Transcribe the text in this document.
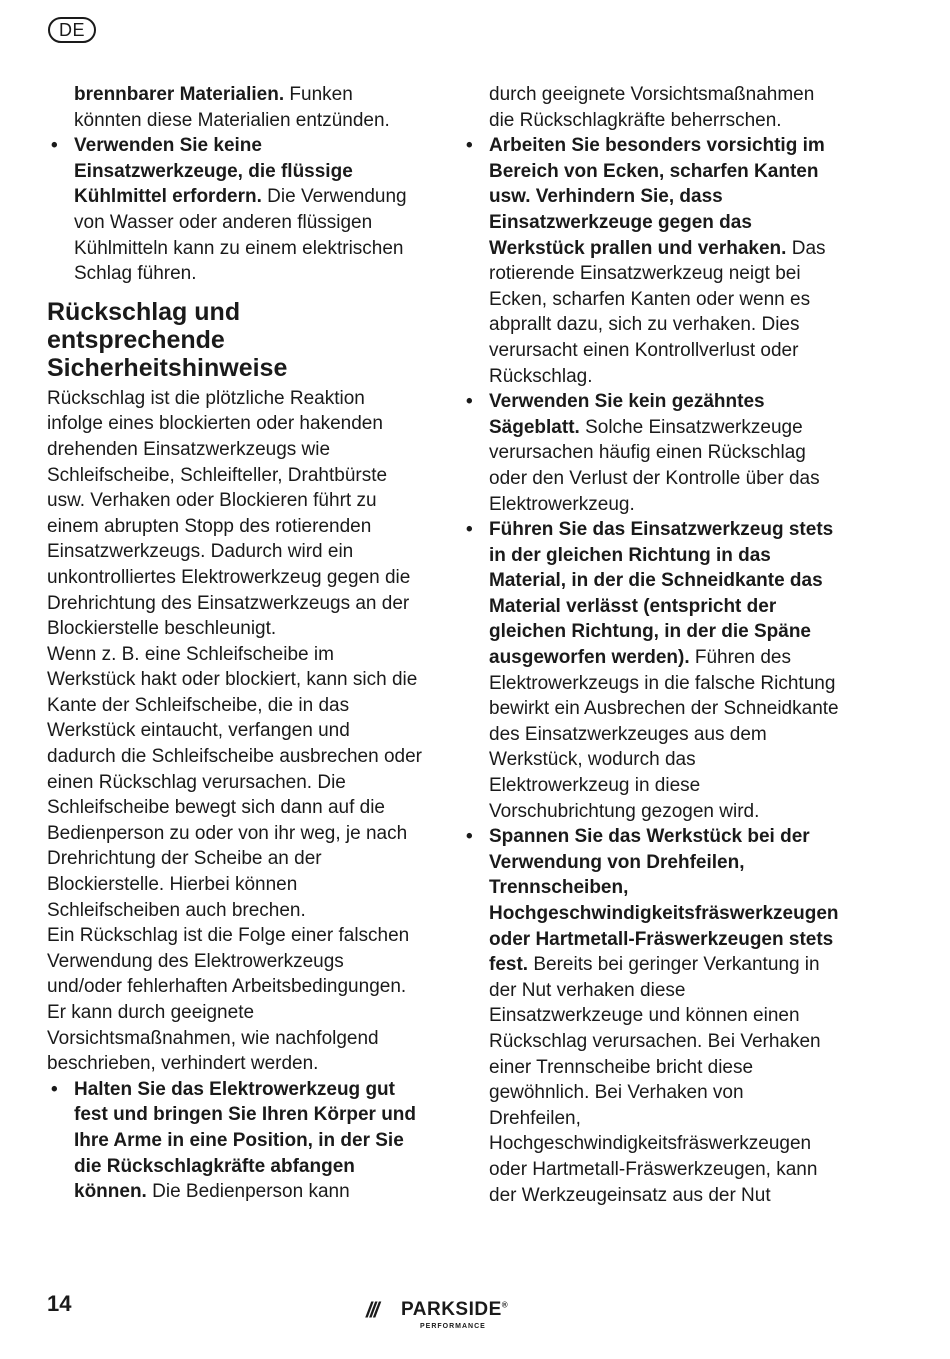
DE

brennbarer Materialien. Funken könnten diese Materialien entzünden.

• Verwenden Sie keine Einsatzwerkzeuge, die flüssige Kühlmittel erfordern. Die Verwendung von Wasser oder anderen flüssigen Kühlmitteln kann zu einem elektrischen Schlag führen.

Rückschlag und entsprechende Sicherheitshinweise

Rückschlag ist die plötzliche Reaktion infolge eines blockierten oder hakenden drehenden Einsatzwerkzeugs wie Schleifscheibe, Schleifteller, Drahtbürste usw. Verhaken oder Blockieren führt zu einem abrupten Stopp des rotierenden Einsatzwerkzeugs. Dadurch wird ein unkontrolliertes Elektrowerkzeug gegen die Drehrichtung des Einsatzwerkzeugs an der Blockierstelle beschleunigt.

Wenn z. B. eine Schleifscheibe im Werkstück hakt oder blockiert, kann sich die Kante der Schleifscheibe, die in das Werkstück eintaucht, verfangen und dadurch die Schleifscheibe ausbrechen oder einen Rückschlag verursachen. Die Schleifscheibe bewegt sich dann auf die Bedienperson zu oder von ihr weg, je nach Drehrichtung der Scheibe an der Blockierstelle. Hierbei können Schleifscheiben auch brechen.

Ein Rückschlag ist die Folge einer falschen Verwendung des Elektrowerkzeugs und/oder fehlerhaften Arbeitsbedingungen. Er kann durch geeignete Vorsichtsmaßnahmen, wie nachfolgend beschrieben, verhindert werden.

• Halten Sie das Elektrowerkzeug gut fest und bringen Sie Ihren Körper und Ihre Arme in eine Position, in der Sie die Rückschlagkräfte abfangen können. Die Bedienperson kann

durch geeignete Vorsichtsmaßnahmen die Rückschlagkräfte beherrschen.

• Arbeiten Sie besonders vorsichtig im Bereich von Ecken, scharfen Kanten usw. Verhindern Sie, dass Einsatzwerkzeuge gegen das Werkstück prallen und verhaken. Das rotierende Einsatzwerkzeug neigt bei Ecken, scharfen Kanten oder wenn es abprallt dazu, sich zu verhaken. Dies verursacht einen Kontrollverlust oder Rückschlag.

• Verwenden Sie kein gezähntes Sägeblatt. Solche Einsatzwerkzeuge verursachen häufig einen Rückschlag oder den Verlust der Kontrolle über das Elektrowerkzeug.

• Führen Sie das Einsatzwerkzeug stets in der gleichen Richtung in das Material, in der die Schneidkante das Material verlässt (entspricht der gleichen Richtung, in der die Späne ausgeworfen werden). Führen des Elektrowerkzeugs in die falsche Richtung bewirkt ein Ausbrechen der Schneidkante des Einsatzwerkzeuges aus dem Werkstück, wodurch das Elektrowerkzeug in diese Vorschubrichtung gezogen wird.

• Spannen Sie das Werkstück bei der Verwendung von Drehfeilen, Trennscheiben, Hochgeschwindigkeitsfräswerkzeugen oder Hartmetall-Fräswerkzeugen stets fest. Bereits bei geringer Verkantung in der Nut verhaken diese Einsatzwerkzeuge und können einen Rückschlag verursachen. Bei Verhaken einer Trennscheibe bricht diese gewöhnlich. Bei Verhaken von Drehfeilen, Hochgeschwindigkeitsfräswerkzeugen oder Hartmetall-Fräswerkzeugen, kann der Werkzeugeinsatz aus der Nut

14	/// PARKSIDE®
PERFORMANCE
